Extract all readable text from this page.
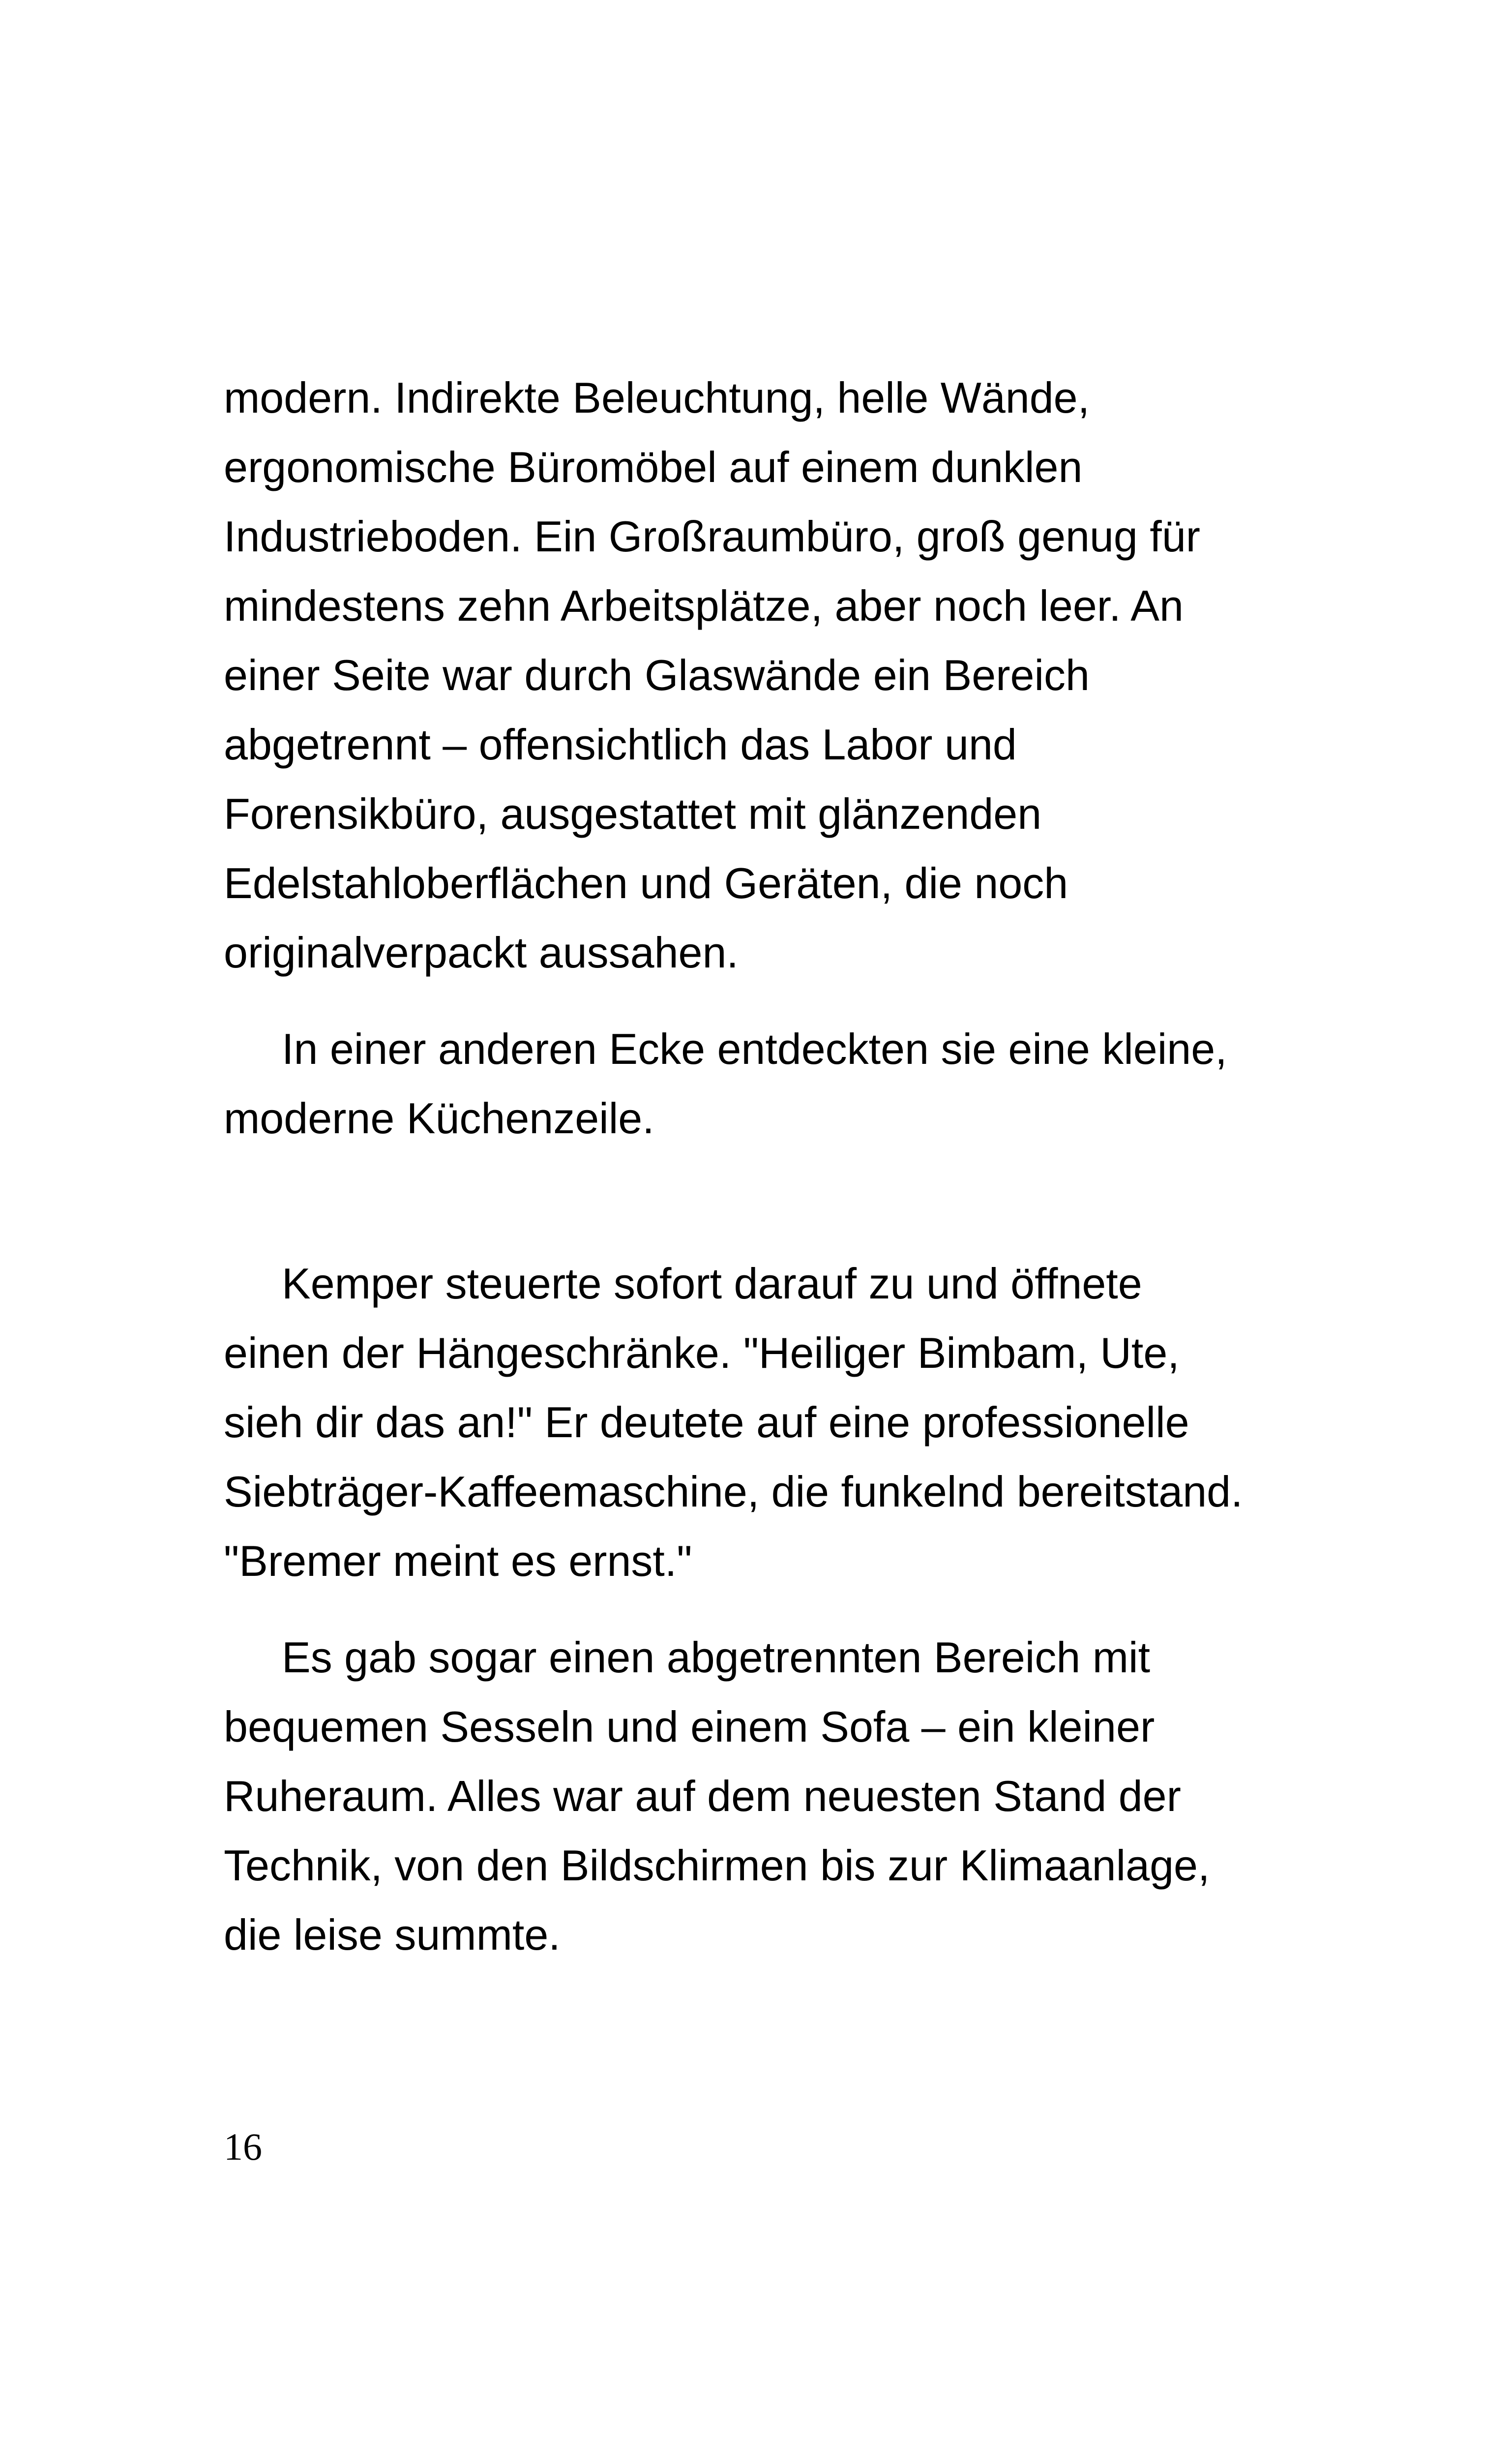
modern. Indirekte Beleuchtung, helle Wände,
ergonomische Büromöbel auf einem dunklen
Industrieboden. Ein Großraumbüro, groß genug für
mindestens zehn Arbeitsplätze, aber noch leer. An
einer Seite war durch Glaswände ein Bereich
abgetrennt – offensichtlich das Labor und
Forensikbüro, ausgestattet mit glänzenden
Edelstahloberflächen und Geräten, die noch
originalverpackt aussahen.

In einer anderen Ecke entdeckten sie eine kleine,
moderne Küchenzeile.

Kemper steuerte sofort darauf zu und öffnete
einen der Hängeschränke. "Heiliger Bimbam, Ute,
sieh dir das an!" Er deutete auf eine professionelle
Siebträger-Kaffeemaschine, die funkelnd bereitstand.
"Bremer meint es ernst."

Es gab sogar einen abgetrennten Bereich mit
bequemen Sesseln und einem Sofa – ein kleiner
Ruheraum. Alles war auf dem neuesten Stand der
Technik, von den Bildschirmen bis zur Klimaanlage,
die leise summte.

16
